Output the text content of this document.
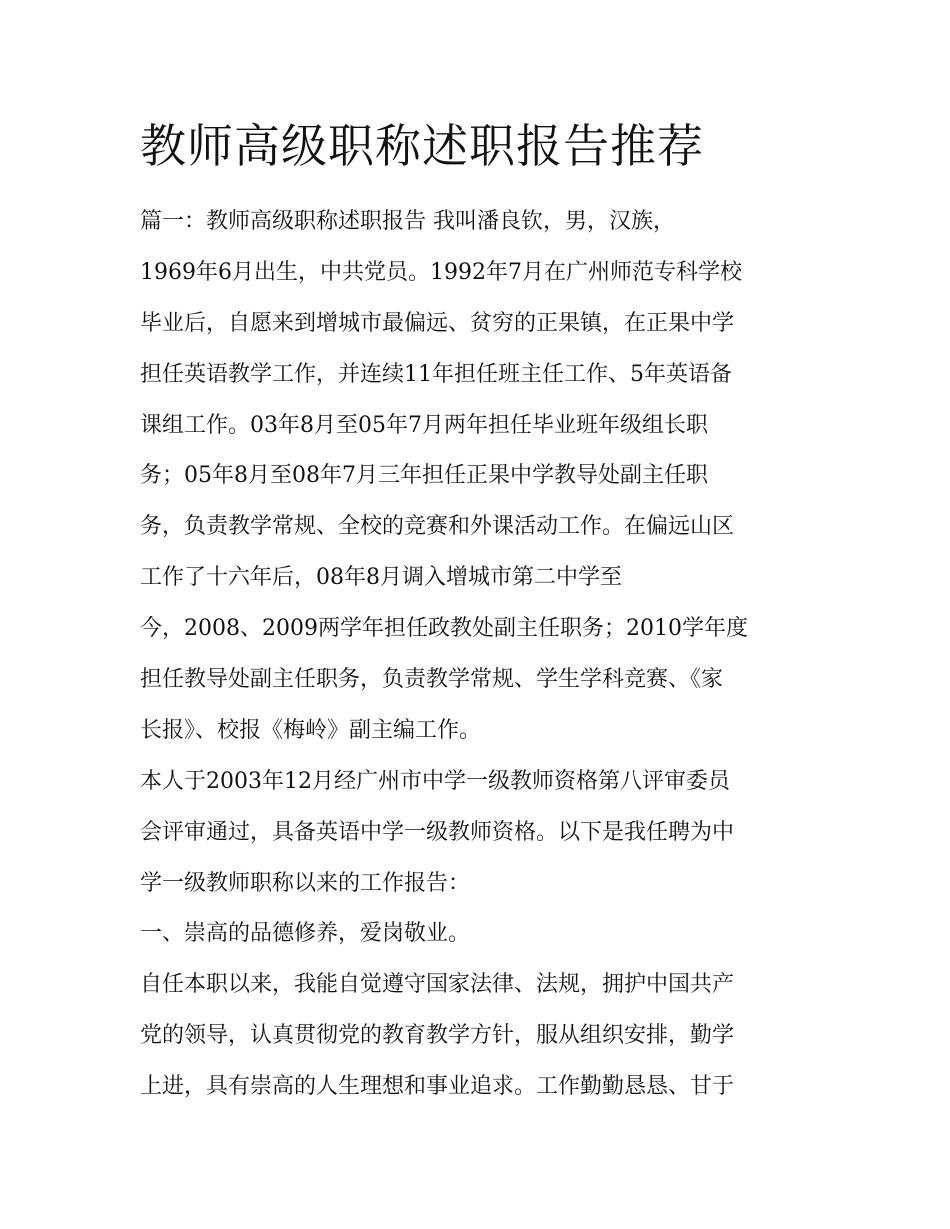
教师高级职称述职报告推荐
篇一：教师高级职称述职报告 我叫潘良钦，男，汉族，
1969年6月出生，中共党员。1992年7月在广州师范专科学校
毕业后，自愿来到增城市最偏远、贫穷的正果镇，在正果中学
担任英语教学工作，并连续11年担任班主任工作、5年英语备
课组工作。03年8月至05年7月两年担任毕业班年级组长职
务；05年8月至08年7月三年担任正果中学教导处副主任职
务，负责教学常规、全校的竞赛和外课活动工作。在偏远山区
工作了十六年后，08年8月调入增城市第二中学至
今，2008、2009两学年担任政教处副主任职务；2010学年度
担任教导处副主任职务，负责教学常规、学生学科竞赛、《家
长报》、校报《梅岭》副主编工作。
本人于2003年12月经广州市中学一级教师资格第八评审委员
会评审通过，具备英语中学一级教师资格。以下是我任聘为中
学一级教师职称以来的工作报告：
一、崇高的品德修养，爱岗敬业。
自任本职以来，我能自觉遵守国家法律、法规，拥护中国共产
党的领导，认真贯彻党的教育教学方针，服从组织安排，勤学
上进，具有崇高的人生理想和事业追求。工作勤勤恳恳、甘于
